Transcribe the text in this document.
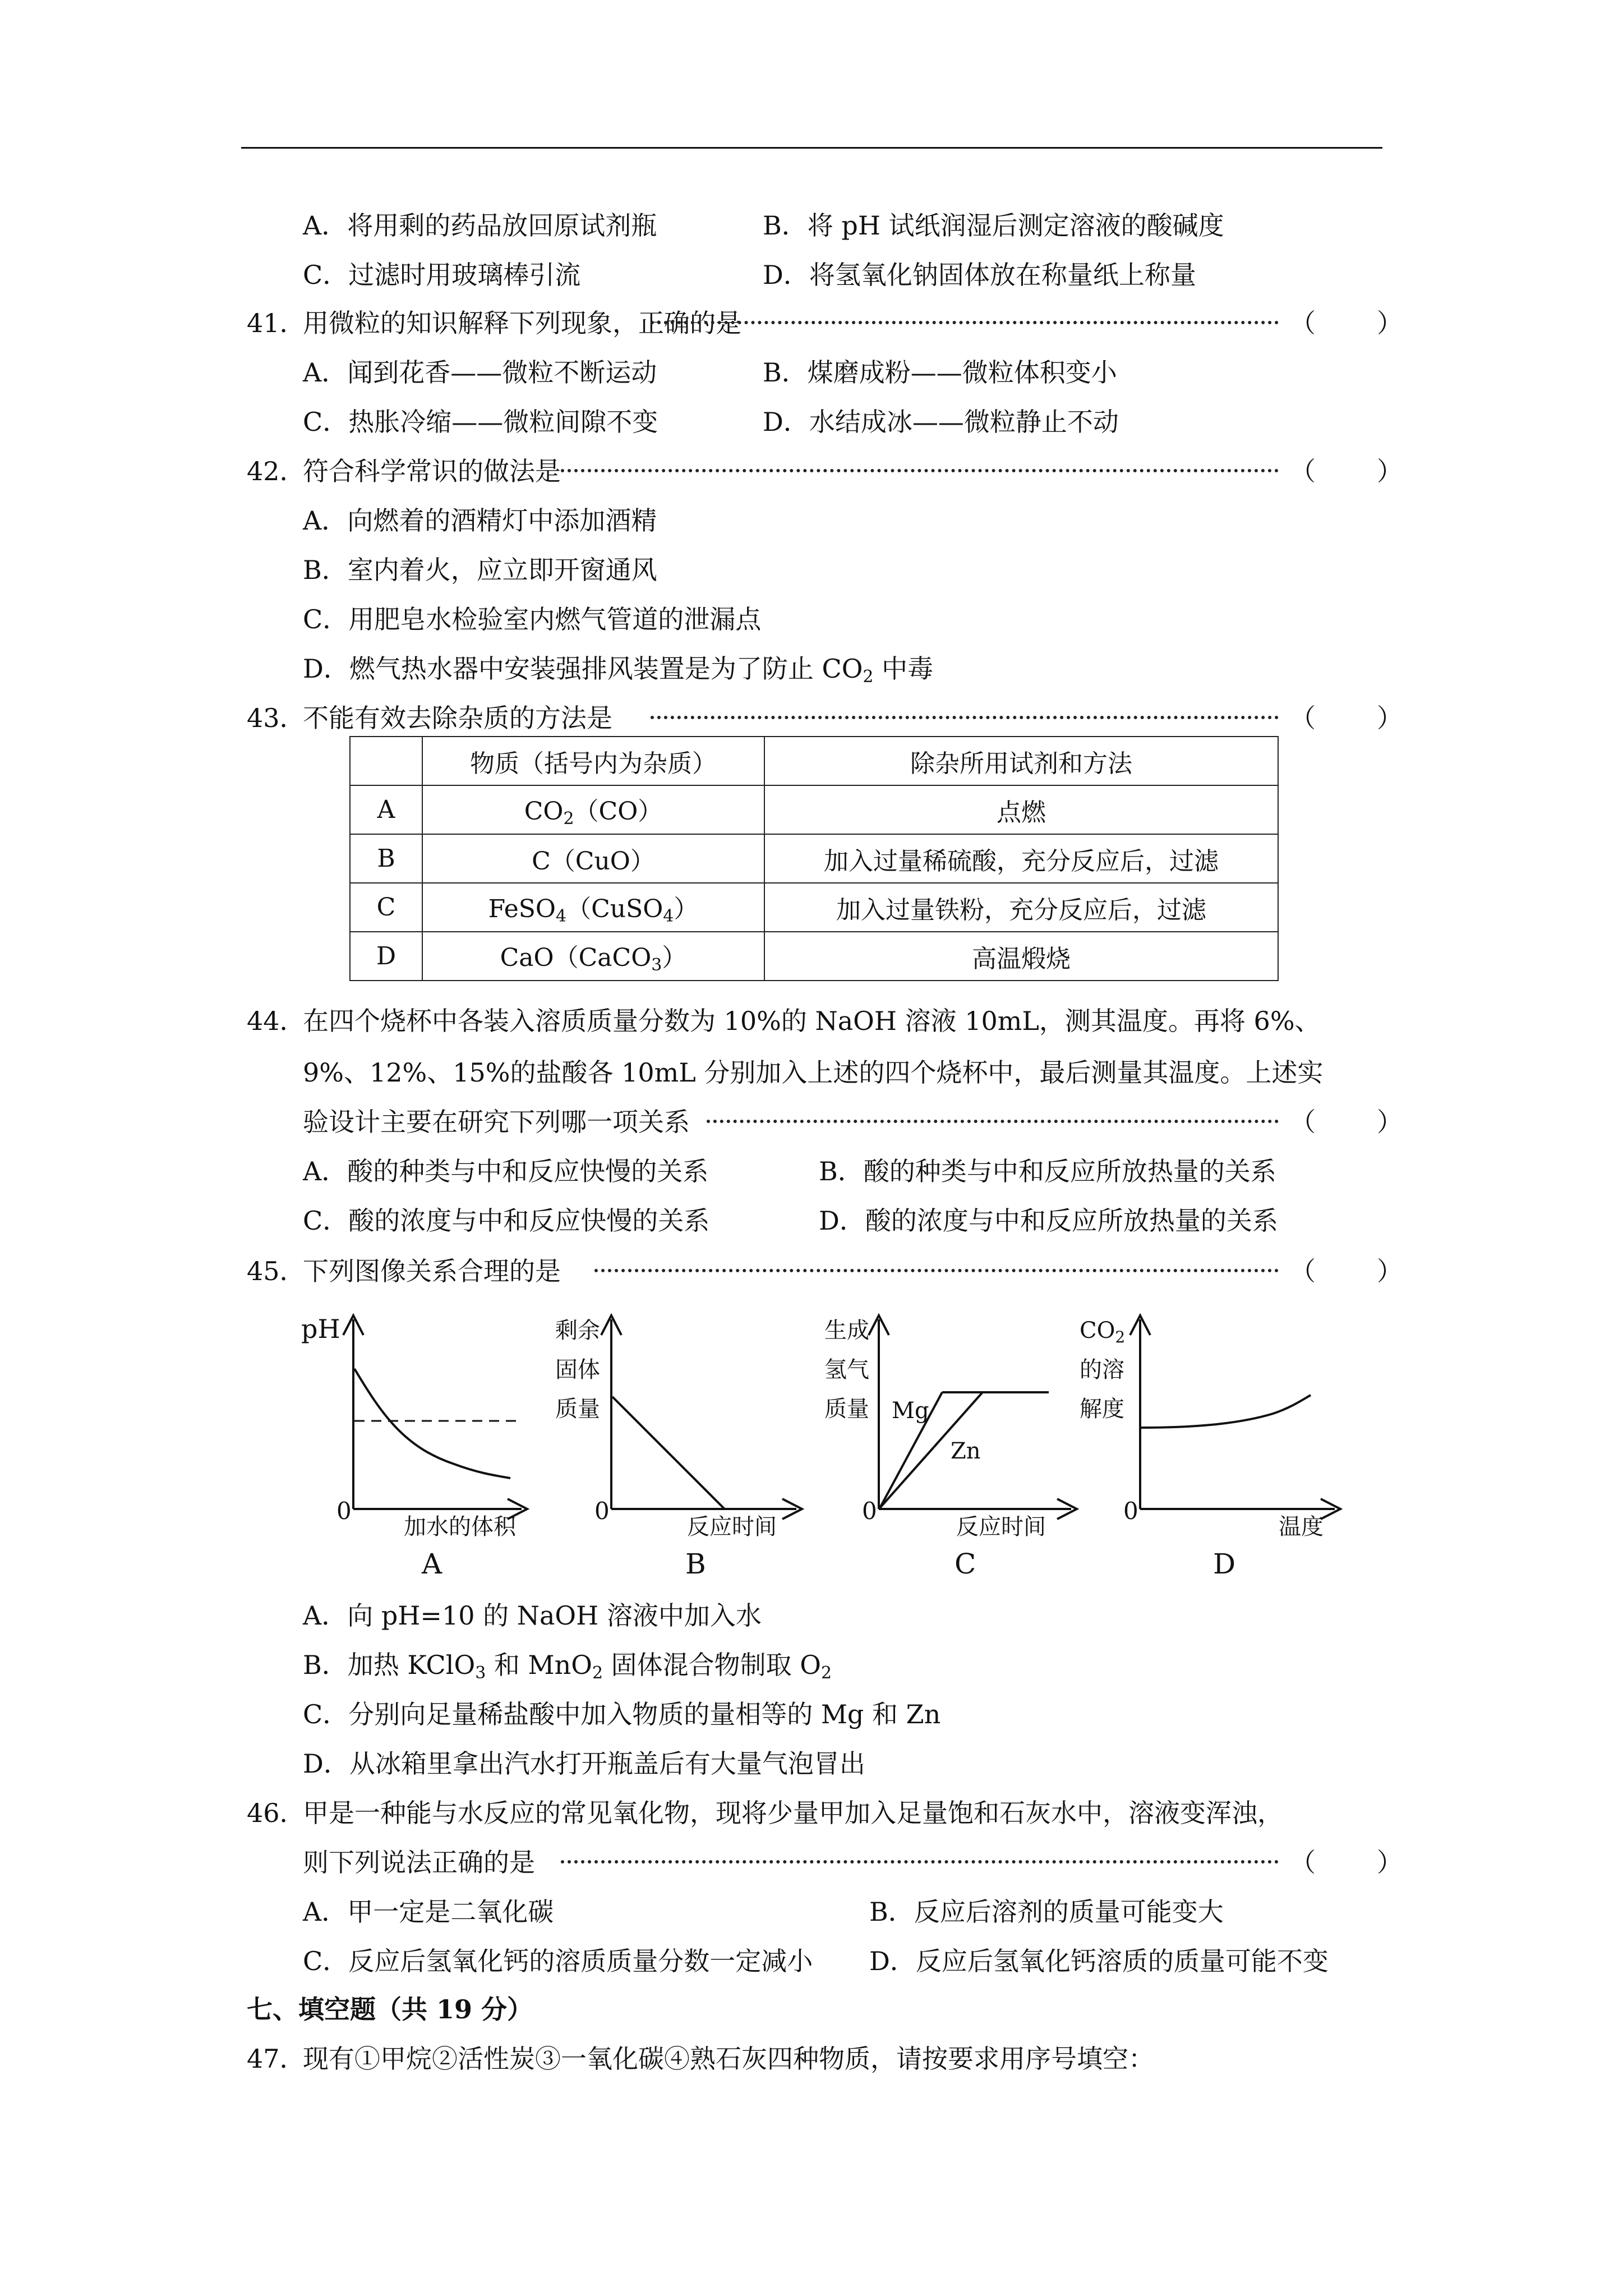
A．将用剩的药品放回原试剂瓶	B．将 pH 试纸润湿后测定溶液的酸碱度
C．过滤时用玻璃棒引流	D．将氢氧化钠固体放在称量纸上称量
41．
用微粒的知识解释下列现象，正确的是	（ ）
A．闻到花香——微粒不断运动	B．煤磨成粉——微粒体积变小
C．热胀冷缩——微粒间隙不变	D．水结成冰——微粒静止不动
42．
符合科学常识的做法是	（ ）
A．向燃着的酒精灯中添加酒精
B．室内着火，应立即开窗通风
C．用肥皂水检验室内燃气管道的泄漏点
D．燃气热水器中安装强排风装置是为了防止 $CO_2$ 中毒
43．
不能有效去除杂质的方法是	（ ）
	物质（括号内为杂质）	除杂所用试剂和方法
A	$CO_2(CO)$	点燃
B	C（CuO）	加入过量稀硫酸，充分反应后，过滤
C	FeSO$_4$（CuSO$_4$）	加入过量铁粉，充分反应后，过滤
D	CaO（CaCO$_3$）	高温煅烧
44．
在四个烧杯中各装入溶质质量分数为 10%的 NaOH 溶液 10mL，测其温度。再将 6%、
9%、12%、15%的盐酸各 10mL 分别加入上述的四个烧杯中，最后测量其温度。上述实
验设计主要在研究下列哪一项关系	（ ）
A．酸的种类与中和反应快慢的关系	B．酸的种类与中和反应所放热量的关系
C．酸的浓度与中和反应快慢的关系	D．酸的浓度与中和反应所放热量的关系
45．
下列图像关系合理的是	（ ）
pH
0
加水的体积
A
剩余
固体
质量
0
反应时间
B
生成
氢气
质量 Mg
Zn
0
反应时间
C
$CO_2$
的溶
解度
0
温度
D
A．向 pH=10 的 NaOH 溶液中加入水
B．加热 KClO$_3$ 和 MnO$_2$ 固体混合物制取 $O_2$
C．分别向足量稀盐酸中加入物质的量相等的 Mg 和 Zn
D．从冰箱里拿出汽水打开瓶盖后有大量气泡冒出
46．
甲是一种能与水反应的常见氧化物，现将少量甲加入足量饱和石灰水中，溶液变浑浊，
则下列说法正确的是	（ ）
A．甲一定是二氧化碳	B．反应后溶剂的质量可能变大
C．反应后氢氧化钙的溶质质量分数一定减小 D．反应后氢氧化钙溶质的质量可能不变
七、填空题（共 19 分）
47．
现有①甲烷②活性炭③一氧化碳④熟石灰四种物质，请按要求用序号填空：
